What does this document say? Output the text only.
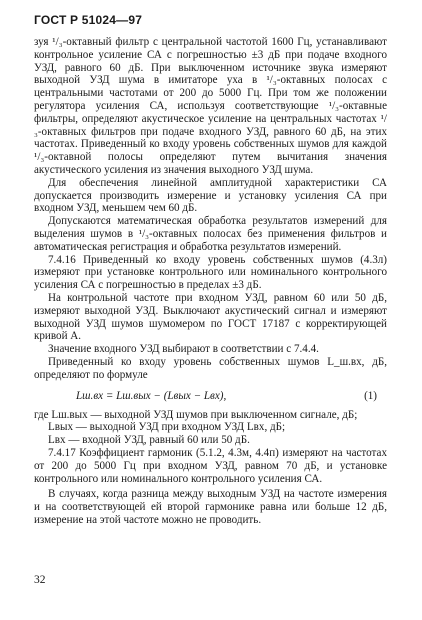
ГОСТ Р 51024—97

зуя ¹/₃-октавный фильтр с центральной частотой 1600 Гц, устанавливают контрольное усиление СА с погрешностью ±3 дБ при подаче входного УЗД, равного 60 дБ. При выключенном источнике звука измеряют выходной УЗД шума в имитаторе уха в ¹/₃-октавных полосах с центральными частотами от 200 до 5000 Гц. При том же положении регулятора усиления СА, используя соответствующие ¹/₃-октавные фильтры, определяют акустическое усиление на центральных частотах ¹/₃-октавных фильтров при подаче входного УЗД, равного 60 дБ, на этих частотах. Приведенный ко входу уровень собственных шумов для каждой ¹/₃-октавной полосы определяют путем вычитания значения акустического усиления из значения выходного УЗД шума.

Для обеспечения линейной амплитудной характеристики СА допускается производить измерение и установку усиления СА при входном УЗД, меньшем чем 60 дБ.

Допускаются математическая обработка результатов измерений для выделения шумов в ¹/₃-октавных полосах без применения фильтров и автоматическая регистрация и обработка результатов измерений.

7.4.16 Приведенный ко входу уровень собственных шумов (4.3л) измеряют при установке контрольного или номинального контрольного усиления СА с погрешностью в пределах ±3 дБ.

На контрольной частоте при входном УЗД, равном 60 или 50 дБ, измеряют выходной УЗД. Выключают акустический сигнал и измеряют выходной УЗД шумов шумомером по ГОСТ 17187 с корректирующей кривой А.

Значение входного УЗД выбирают в соответствии с 7.4.4.

Приведенный ко входу уровень собственных шумов L_ш.вх, дБ, определяют по формуле

Lш.вх = Lш.вых − (Lвых − Lвх),	(1)

где Lш.вых — выходной УЗД шумов при выключенном сигнале, дБ;

Lвых — выходной УЗД при входном УЗД Lвх, дБ;

Lвх — входной УЗД, равный 60 или 50 дБ.

7.4.17 Коэффициент гармоник (5.1.2, 4.3м, 4.4п) измеряют на частотах от 200 до 5000 Гц при входном УЗД, равном 70 дБ, и установке контрольного или номинального контрольного усиления СА.

В случаях, когда разница между выходным УЗД на частоте измерения и на соответствующей ей второй гармонике равна или больше 12 дБ, измерение на этой частоте можно не проводить.

32
